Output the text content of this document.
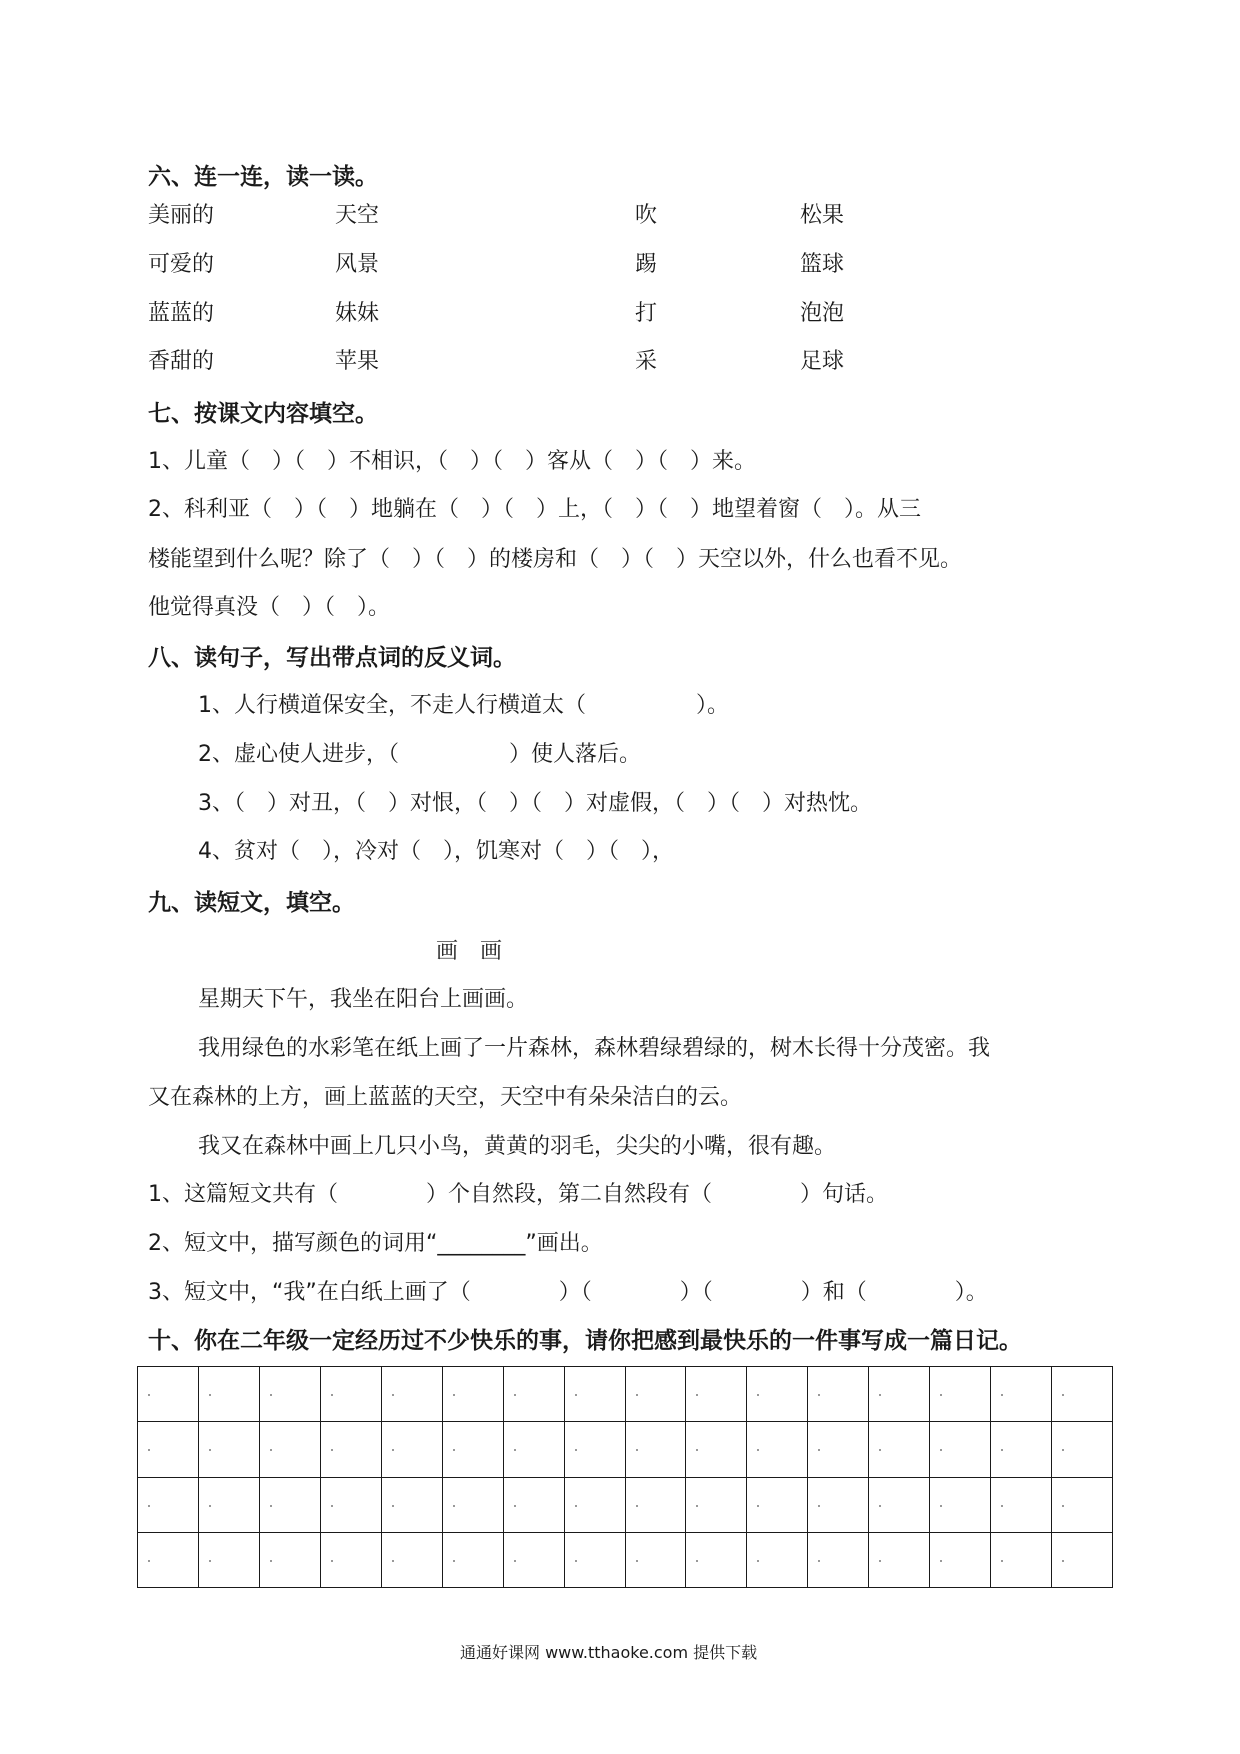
六、连一连，读一读。
美丽的	天空	吹	松果
可爱的	风景	踢	篮球
蓝蓝的	妹妹	打	泡泡
香甜的	苹果	采	足球
七、按课文内容填空。
1、儿童（　）（　）不相识，（　）（　）客从（　）（　）来。
2、科利亚（　）（　）地躺在（　）（　）上，（　）（　）地望着窗（　）。从三
楼能望到什么呢？除了（　）（　）的楼房和（　）（　）天空以外，什么也看不见。
他觉得真没（　）（　）。
八、读句子，写出带点词的反义词。
1、人行横道保安全，不走人行横道太（　　　　　）。
2、虚心使人进步，（　　　　　）使人落后。
3、（　）对丑，（　）对恨，（　）（　）对虚假，（　）（　）对热忱。
4、贫对（　），冷对（　），饥寒对（　）（　），
九、读短文，填空。
画　画
星期天下午，我坐在阳台上画画。
我用绿色的水彩笔在纸上画了一片森林，森林碧绿碧绿的，树木长得十分茂密。我
又在森林的上方，画上蓝蓝的天空，天空中有朵朵洁白的云。
我又在森林中画上几只小鸟，黄黄的羽毛，尖尖的小嘴，很有趣。
1、这篇短文共有（　　　　）个自然段，第二自然段有（　　　　）句话。
2、短文中，描写颜色的词用“________”画出。
3、短文中，“我”在白纸上画了（　　　　）（　　　　）（　　　　）和（　　　　）。
十、你在二年级一定经历过不少快乐的事，请你把感到最快乐的一件事写成一篇日记。

通通好课网 www.tthaoke.com 提供下载
